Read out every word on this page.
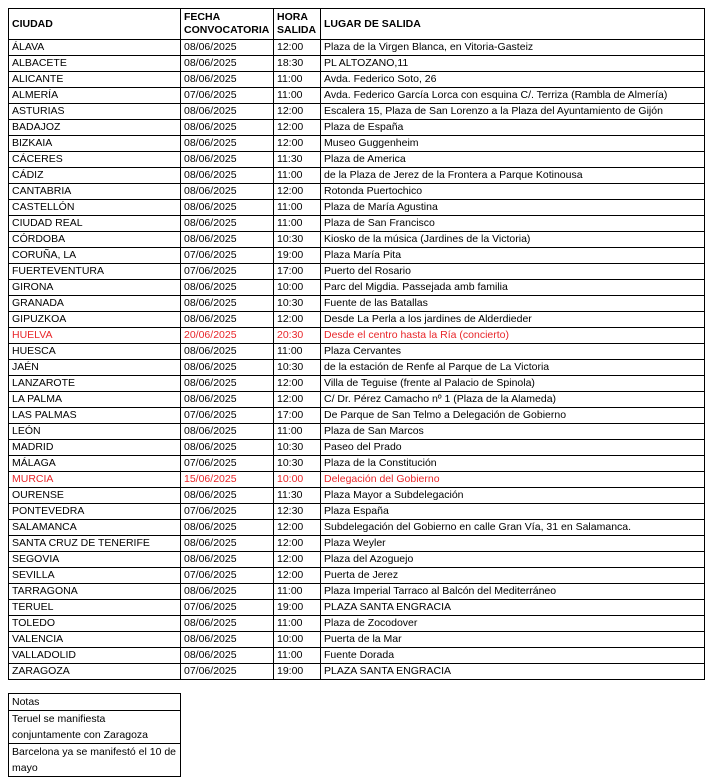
CIUDAD	FECHA CONVOCATORIA	HORA SALIDA	LUGAR DE SALIDA
ÁLAVA	08/06/2025	12:00	Plaza de la Virgen Blanca, en Vitoria-Gasteiz
ALBACETE	08/06/2025	18:30	PL ALTOZANO,11
ALICANTE	08/06/2025	11:00	Avda. Federico Soto, 26
ALMERÍA	07/06/2025	11:00	Avda. Federico García Lorca con esquina C/. Terriza (Rambla de Almería)
ASTURIAS	08/06/2025	12:00	Escalera 15, Plaza de San Lorenzo a la Plaza del Ayuntamiento de Gijón
BADAJOZ	08/06/2025	12:00	Plaza de España
BIZKAIA	08/06/2025	12:00	Museo Guggenheim
CÁCERES	08/06/2025	11:30	Plaza de America
CÁDIZ	08/06/2025	11:00	de la Plaza de Jerez de la Frontera a Parque Kotinousa
CANTABRIA	08/06/2025	12:00	Rotonda Puertochico
CASTELLÓN	08/06/2025	11:00	Plaza de María Agustina
CIUDAD REAL	08/06/2025	11:00	Plaza de San Francisco
CÓRDOBA	08/06/2025	10:30	Kiosko de la música (Jardines de la Victoria)
CORUÑA, LA	07/06/2025	19:00	Plaza María Pita
FUERTEVENTURA	07/06/2025	17:00	Puerto del Rosario
GIRONA	08/06/2025	10:00	Parc del Migdia. Passejada amb familia
GRANADA	08/06/2025	10:30	Fuente de las Batallas
GIPUZKOA	08/06/2025	12:00	Desde La Perla a los jardines de Alderdieder
HUELVA	20/06/2025	20:30	Desde el centro hasta la Ría (concierto)
HUESCA	08/06/2025	11:00	Plaza Cervantes
JAÉN	08/06/2025	10:30	de la estación de Renfe al Parque de La Victoria
LANZAROTE	08/06/2025	12:00	Villa de Teguise (frente al Palacio de Spinola)
LA PALMA	08/06/2025	12:00	C/ Dr. Pérez Camacho nº 1 (Plaza de la Alameda)
LAS PALMAS	07/06/2025	17:00	De Parque de San Telmo a Delegación de Gobierno
LEÓN	08/06/2025	11:00	Plaza de San Marcos
MADRID	08/06/2025	10:30	Paseo del Prado
MÁLAGA	07/06/2025	10:30	Plaza de la Constitución
MURCIA	15/06/2025	10:00	Delegación del Gobierno
OURENSE	08/06/2025	11:30	Plaza Mayor a Subdelegación
PONTEVEDRA	07/06/2025	12:30	Plaza España
SALAMANCA	08/06/2025	12:00	Subdelegación del Gobierno en calle Gran Vía, 31 en Salamanca.
SANTA CRUZ DE TENERIFE	08/06/2025	12:00	Plaza Weyler
SEGOVIA	08/06/2025	12:00	Plaza del Azoguejo
SEVILLA	07/06/2025	12:00	Puerta de Jerez
TARRAGONA	08/06/2025	11:00	Plaza Imperial Tarraco al Balcón del Mediterráneo
TERUEL	07/06/2025	19:00	PLAZA SANTA ENGRACIA
TOLEDO	08/06/2025	11:00	Plaza de Zocodover
VALENCIA	08/06/2025	10:00	Puerta de la Mar
VALLADOLID	08/06/2025	11:00	Fuente Dorada
ZARAGOZA	07/06/2025	19:00	PLAZA SANTA ENGRACIA
Notas
Teruel se manifiesta conjuntamente con Zaragoza
Barcelona ya se manifestó el 10 de mayo
